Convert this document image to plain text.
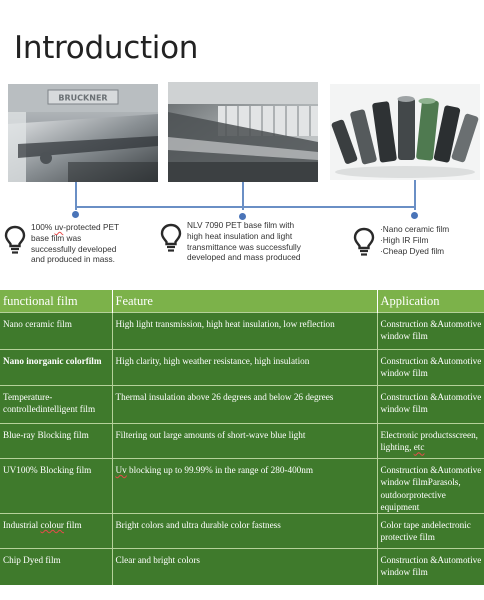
Introduction
BRUCKNER
100% uv-protected PET
base film was
successfully developed
and produced in mass.
NLV 7090 PET base film with
high heat insulation and light
transmittance was successfully
developed and mass produced
·Nano ceramic film
·High IR Film
·Cheap Dyed film
functional film	Feature	Application
Nano ceramic film	High light transmission, high heat insulation, low reflection	Construction &Automotive window film
Nano inorganic colorfilm	High clarity, high weather resistance, high insulation	Construction &Automotive window film
Temperature-controlledintelligent film	Thermal insulation above 26 degrees and below 26 degrees	Construction &Automotive window film
Blue-ray Blocking film	Filtering out large amounts of short-wave blue light	Electronic productsscreen, lighting, etc
UV100% Blocking film	Uv blocking up to 99.99% in the range of 280-400nm	Construction &Automotive window filmParasols, outdoorprotective equipment
Industrial colour film	Bright colors and ultra durable color fastness	Color tape andelectronic protective film
Chip Dyed film	Clear and bright colors	Construction &Automotive window film
